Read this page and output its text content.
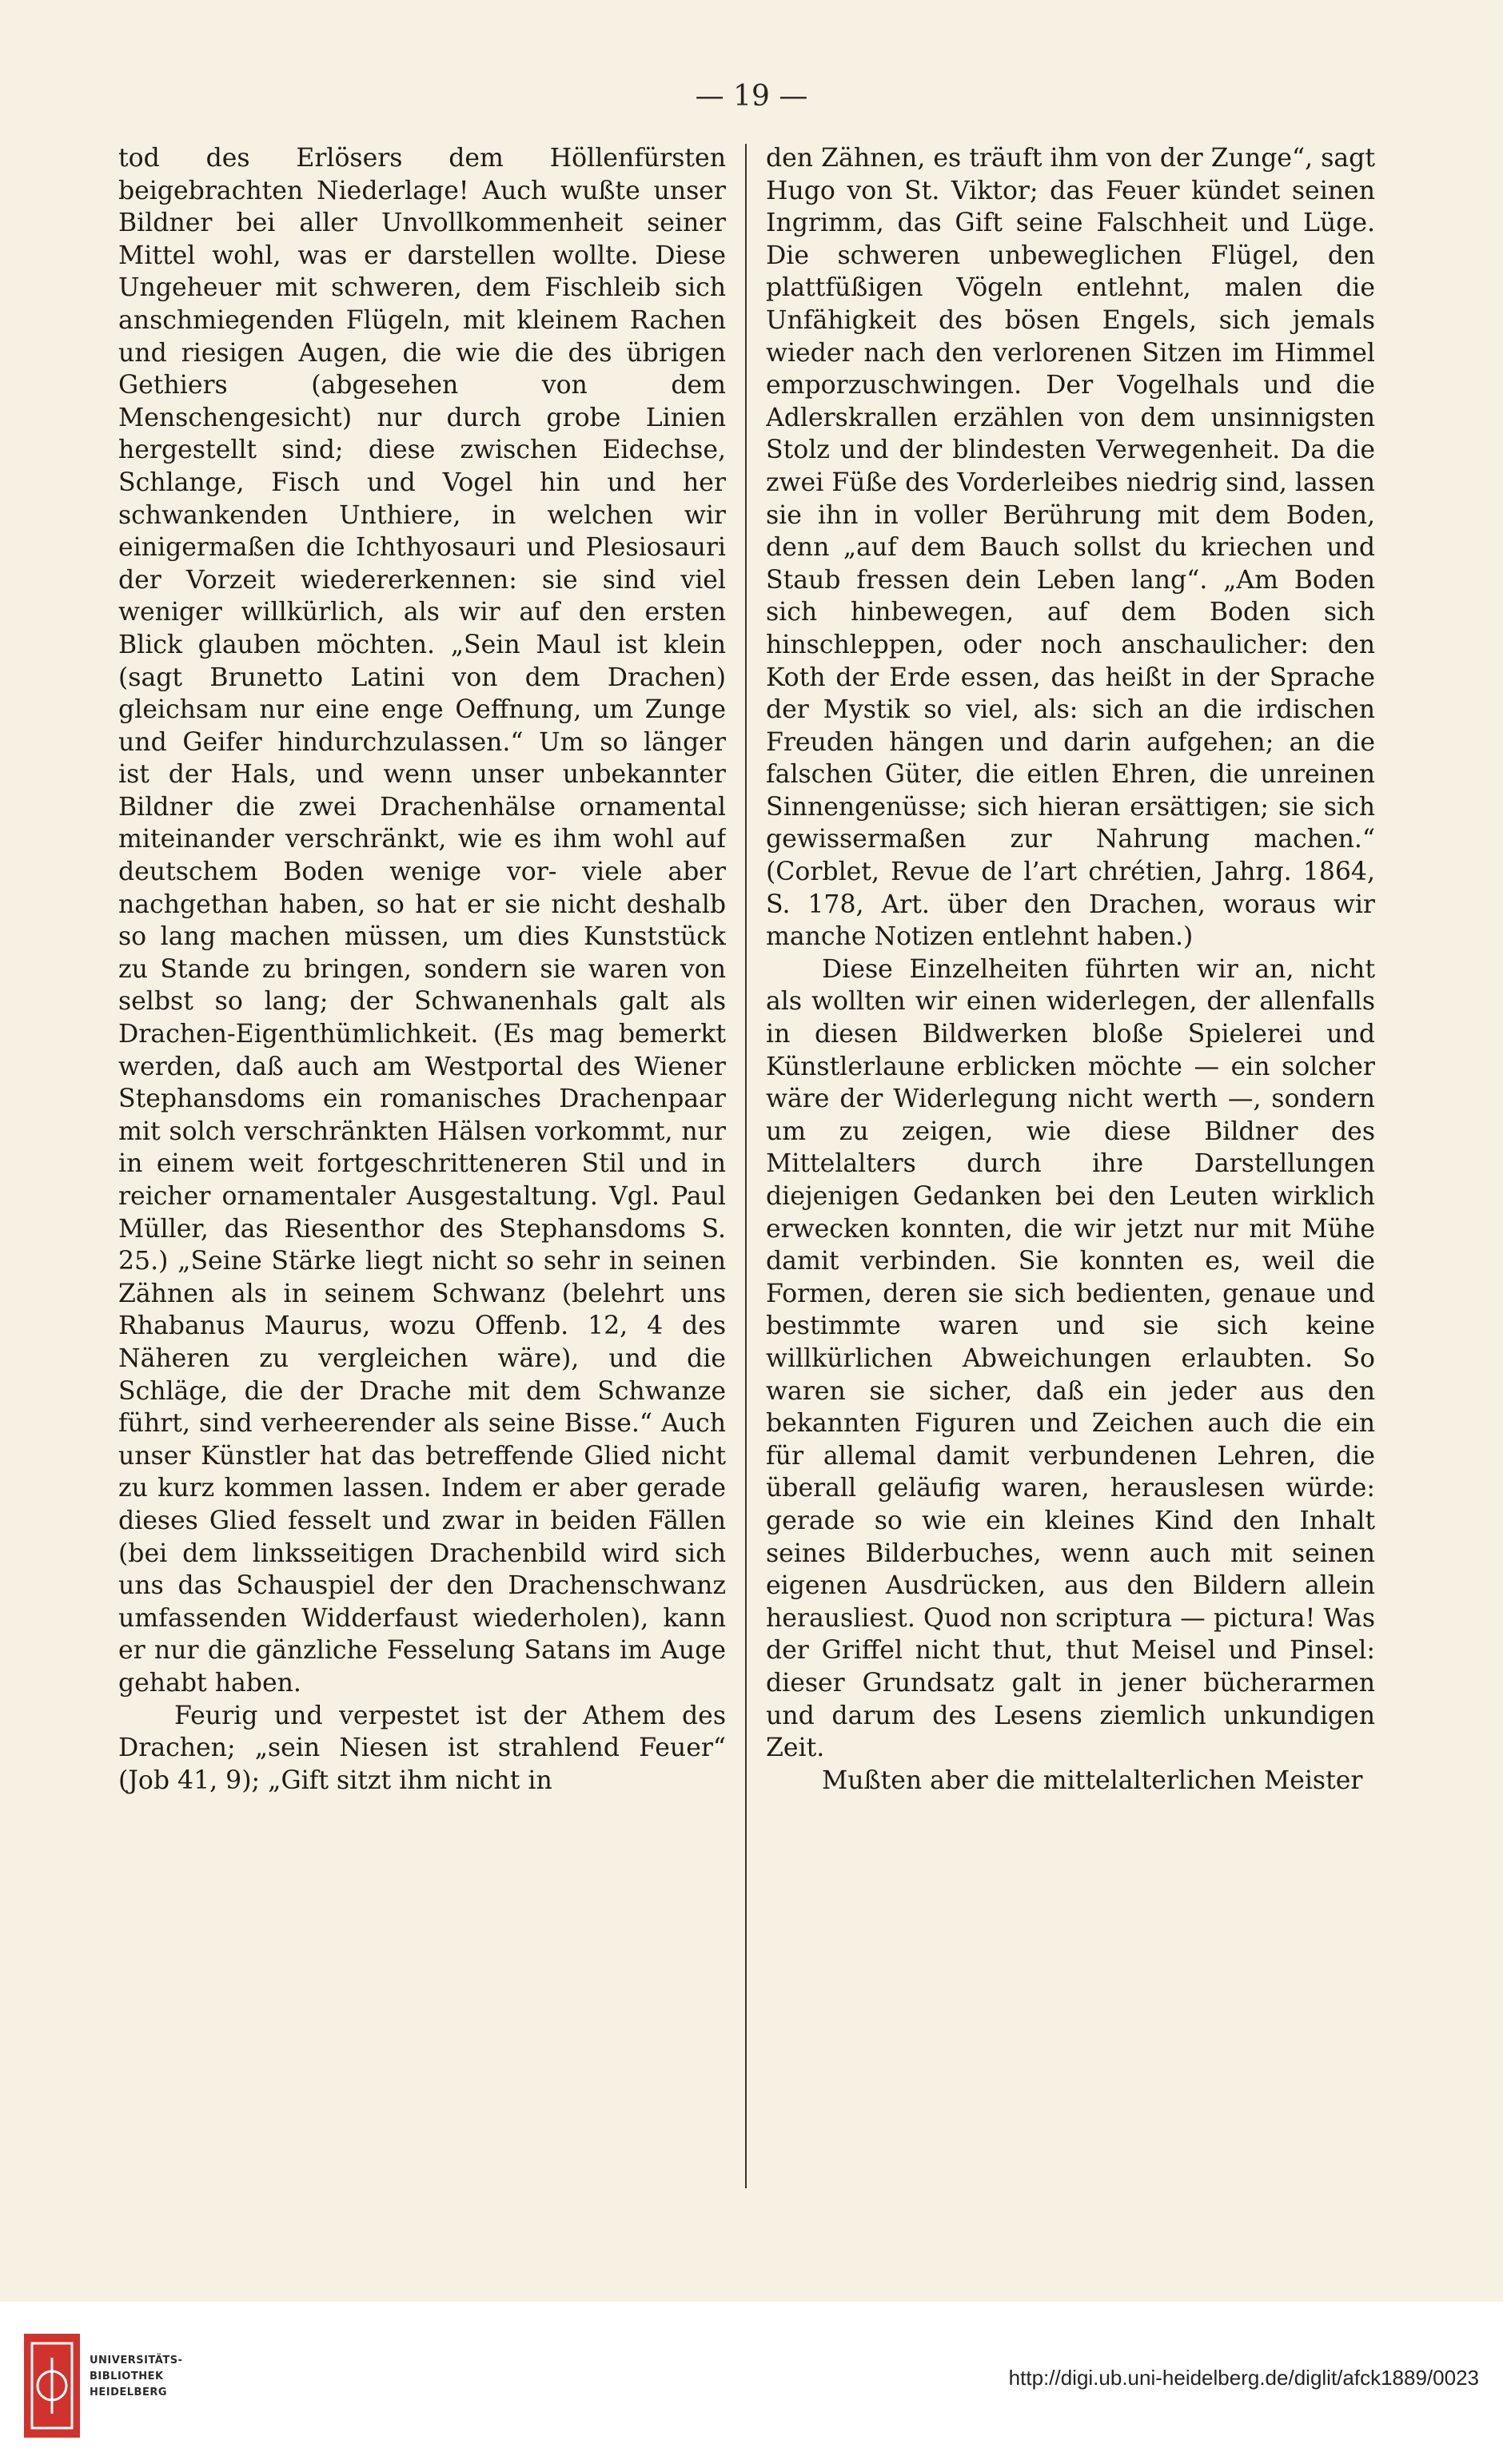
— 19 —

tod des Erlösers dem Höllenfürsten beigebrachten Niederlage! Auch wußte unser Bildner bei aller Unvollkommenheit seiner Mittel wohl, was er darstellen wollte. Diese Ungeheuer mit schweren, dem Fischleib sich anschmiegenden Flügeln, mit kleinem Rachen und riesigen Augen, die wie die des übrigen Gethiers (abgesehen von dem Menschengesicht) nur durch grobe Linien hergestellt sind; diese zwischen Eidechse, Schlange, Fisch und Vogel hin und her schwankenden Unthiere, in welchen wir einigermaßen die Ichthyosauri und Plesiosauri der Vorzeit wiedererkennen: sie sind viel weniger willkürlich, als wir auf den ersten Blick glauben möchten. „Sein Maul ist klein (sagt Brunetto Latini von dem Drachen) gleichsam nur eine enge Oeffnung, um Zunge und Geifer hindurchzulassen.“ Um so länger ist der Hals, und wenn unser unbekannter Bildner die zwei Drachenhälse ornamental miteinander verschränkt, wie es ihm wohl auf deutschem Boden wenige vor- viele aber nachgethan haben, so hat er sie nicht deshalb so lang machen müssen, um dies Kunststück zu Stande zu bringen, sondern sie waren von selbst so lang; der Schwanenhals galt als Drachen-Eigenthümlichkeit. (Es mag bemerkt werden, daß auch am Westportal des Wiener Stephansdoms ein romanisches Drachenpaar mit solch verschränkten Hälsen vorkommt, nur in einem weit fortgeschritteneren Stil und in reicher ornamentaler Ausgestaltung. Vgl. Paul Müller, das Riesenthor des Stephansdoms S. 25.) „Seine Stärke liegt nicht so sehr in seinen Zähnen als in seinem Schwanz (belehrt uns Rhabanus Maurus, wozu Offenb. 12, 4 des Näheren zu vergleichen wäre), und die Schläge, die der Drache mit dem Schwanze führt, sind verheerender als seine Bisse.“ Auch unser Künstler hat das betreffende Glied nicht zu kurz kommen lassen. Indem er aber gerade dieses Glied fesselt und zwar in beiden Fällen (bei dem linksseitigen Drachenbild wird sich uns das Schauspiel der den Drachenschwanz umfassenden Widderfaust wiederholen), kann er nur die gänzliche Fesselung Satans im Auge gehabt haben.

Feurig und verpestet ist der Athem des Drachen; „sein Niesen ist strahlend Feuer“ (Job 41, 9); „Gift sitzt ihm nicht in

den Zähnen, es träuft ihm von der Zunge“, sagt Hugo von St. Viktor; das Feuer kündet seinen Ingrimm, das Gift seine Falschheit und Lüge. Die schweren unbeweglichen Flügel, den plattfüßigen Vögeln entlehnt, malen die Unfähigkeit des bösen Engels, sich jemals wieder nach den verlorenen Sitzen im Himmel emporzuschwingen. Der Vogelhals und die Adlerskrallen erzählen von dem unsinnigsten Stolz und der blindesten Verwegenheit. Da die zwei Füße des Vorderleibes niedrig sind, lassen sie ihn in voller Berührung mit dem Boden, denn „auf dem Bauch sollst du kriechen und Staub fressen dein Leben lang“. „Am Boden sich hinbewegen, auf dem Boden sich hinschleppen, oder noch anschaulicher: den Koth der Erde essen, das heißt in der Sprache der Mystik so viel, als: sich an die irdischen Freuden hängen und darin aufgehen; an die falschen Güter, die eitlen Ehren, die unreinen Sinnengenüsse; sich hieran ersättigen; sie sich gewissermaßen zur Nahrung machen.“ (Corblet, Revue de l’art chrétien, Jahrg. 1864, S. 178, Art. über den Drachen, woraus wir manche Notizen entlehnt haben.)

Diese Einzelheiten führten wir an, nicht als wollten wir einen widerlegen, der allenfalls in diesen Bildwerken bloße Spielerei und Künstlerlaune erblicken möchte — ein solcher wäre der Widerlegung nicht werth —, sondern um zu zeigen, wie diese Bildner des Mittelalters durch ihre Darstellungen diejenigen Gedanken bei den Leuten wirklich erwecken konnten, die wir jetzt nur mit Mühe damit verbinden. Sie konnten es, weil die Formen, deren sie sich bedienten, genaue und bestimmte waren und sie sich keine willkürlichen Abweichungen erlaubten. So waren sie sicher, daß ein jeder aus den bekannten Figuren und Zeichen auch die ein für allemal damit verbundenen Lehren, die überall geläufig waren, herauslesen würde: gerade so wie ein kleines Kind den Inhalt seines Bilderbuches, wenn auch mit seinen eigenen Ausdrücken, aus den Bildern allein herausliest. Quod non scriptura — pictura! Was der Griffel nicht thut, thut Meisel und Pinsel: dieser Grundsatz galt in jener bücherarmen und darum des Lesens ziemlich unkundigen Zeit.

Mußten aber die mittelalterlichen Meister

UNIVERSITÄTS-
BIBLIOTHEK
HEIDELBERG
http://digi.ub.uni-heidelberg.de/diglit/afck1889/0023
